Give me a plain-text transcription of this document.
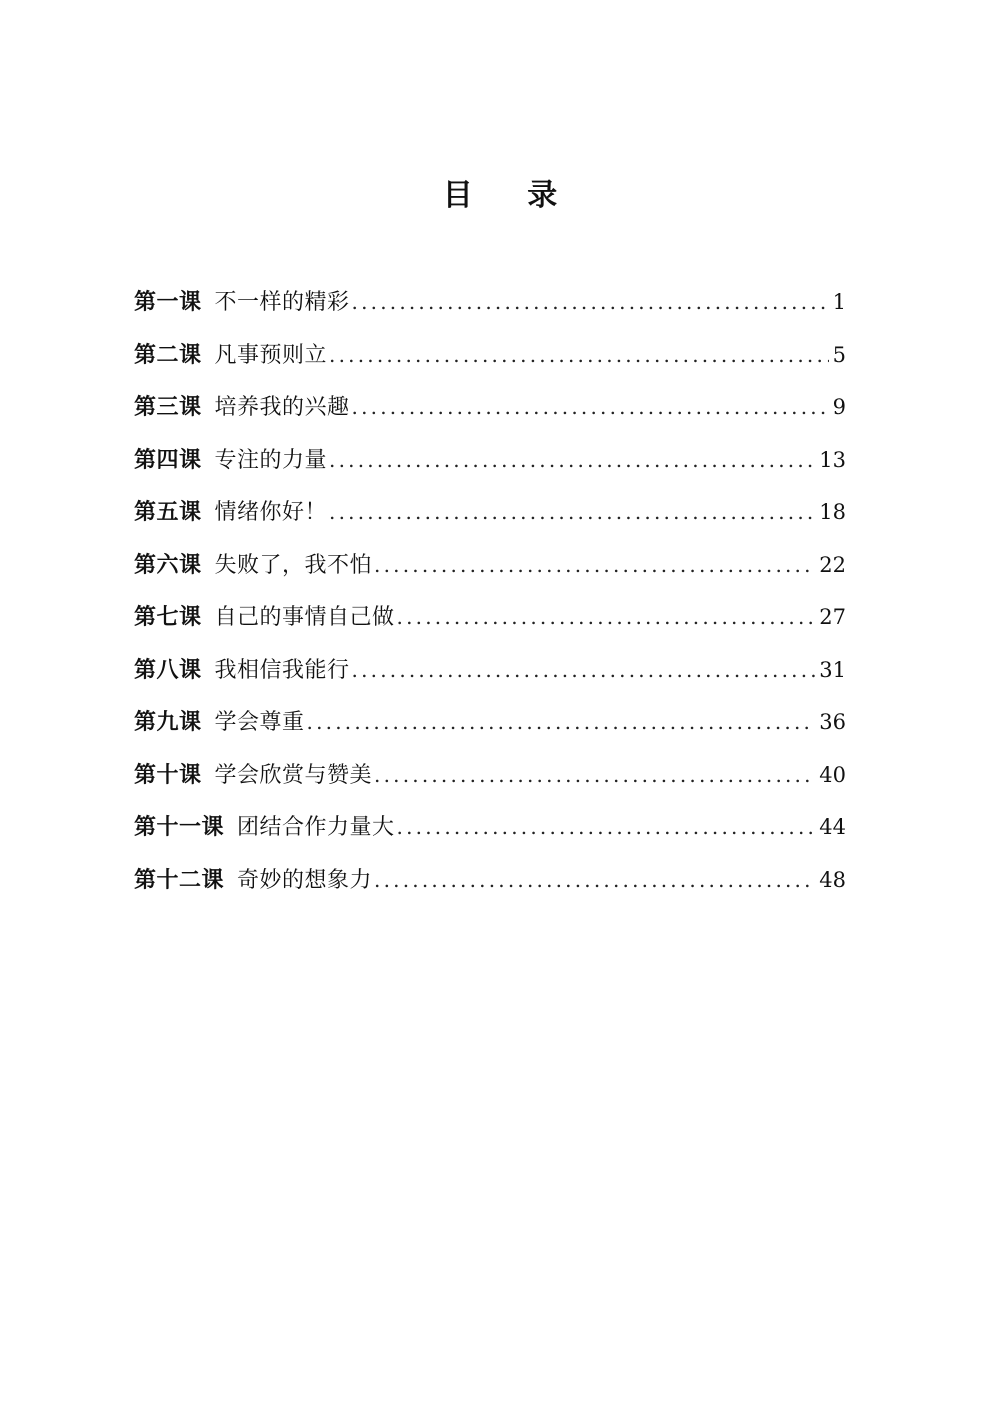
目 录
第一课 不一样的精彩 .....	1
第二课 凡事预则立 .....	5
第三课 培养我的兴趣 .....	9
第四课 专注的力量 .....	13
第五课 情绪你好！ .....	18
第六课 失败了，我不怕 .....	22
第七课 自己的事情自己做 .....	27
第八课 我相信我能行 .....	31
第九课 学会尊重 .....	36
第十课 学会欣赏与赞美 .....	40
第十一课 团结合作力量大 .....	44
第十二课 奇妙的想象力 .....	48
